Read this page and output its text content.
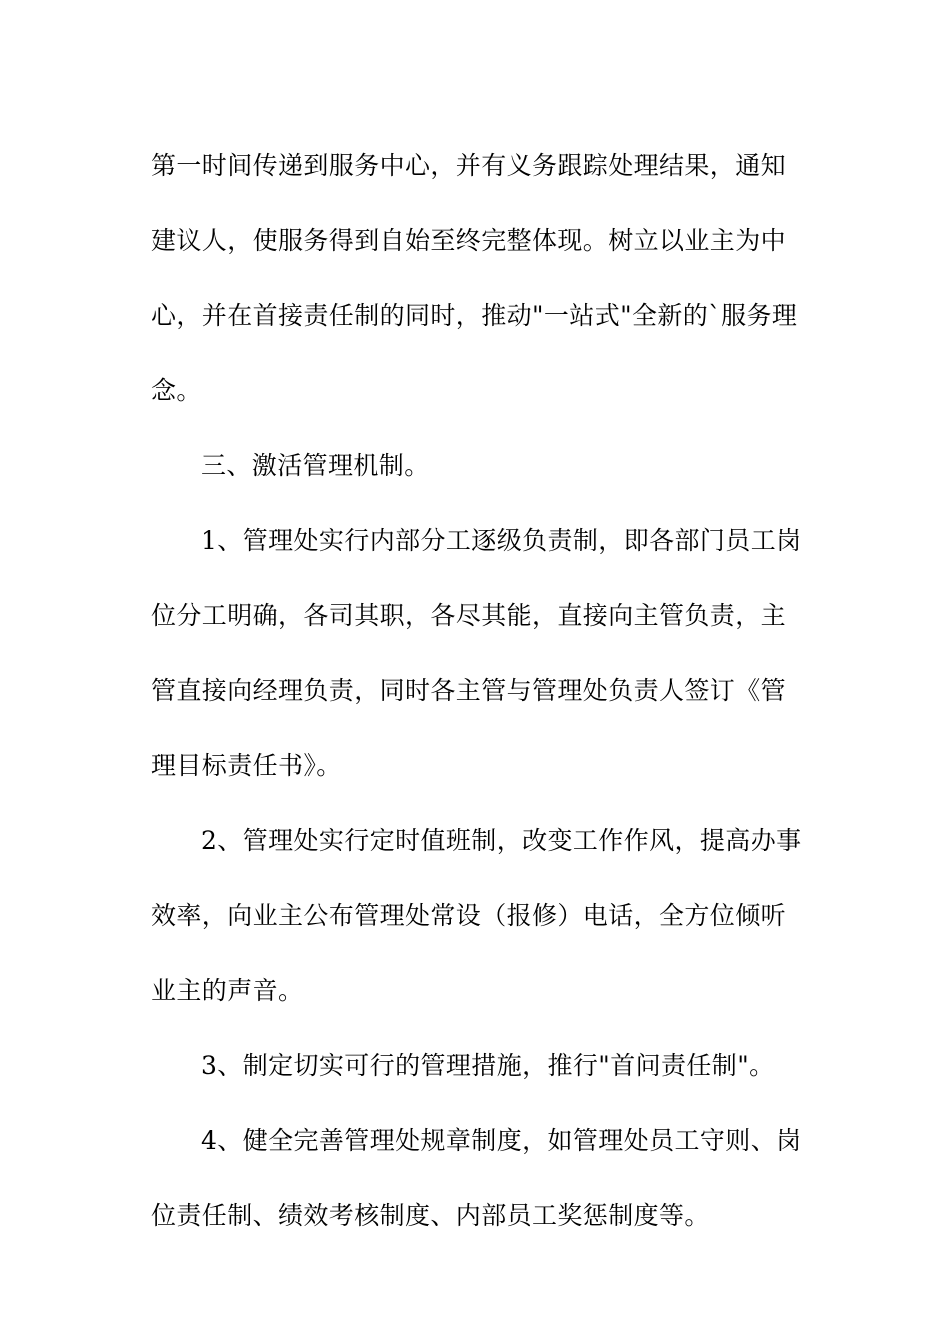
第一时间传递到服务中心，并有义务跟踪处理结果，通知
建议人，使服务得到自始至终完整体现。树立以业主为中
心，并在首接责任制的同时，推动"一站式"全新的`服务理
念。
三、激活管理机制。
1、管理处实行内部分工逐级负责制，即各部门员工岗
位分工明确，各司其职，各尽其能，直接向主管负责，主
管直接向经理负责，同时各主管与管理处负责人签订《管
理目标责任书》。
2、管理处实行定时值班制，改变工作作风，提高办事
效率，向业主公布管理处常设（报修）电话，全方位倾听
业主的声音。
3、制定切实可行的管理措施，推行"首问责任制"。
4、健全完善管理处规章制度，如管理处员工守则、岗
位责任制、绩效考核制度、内部员工奖惩制度等。
